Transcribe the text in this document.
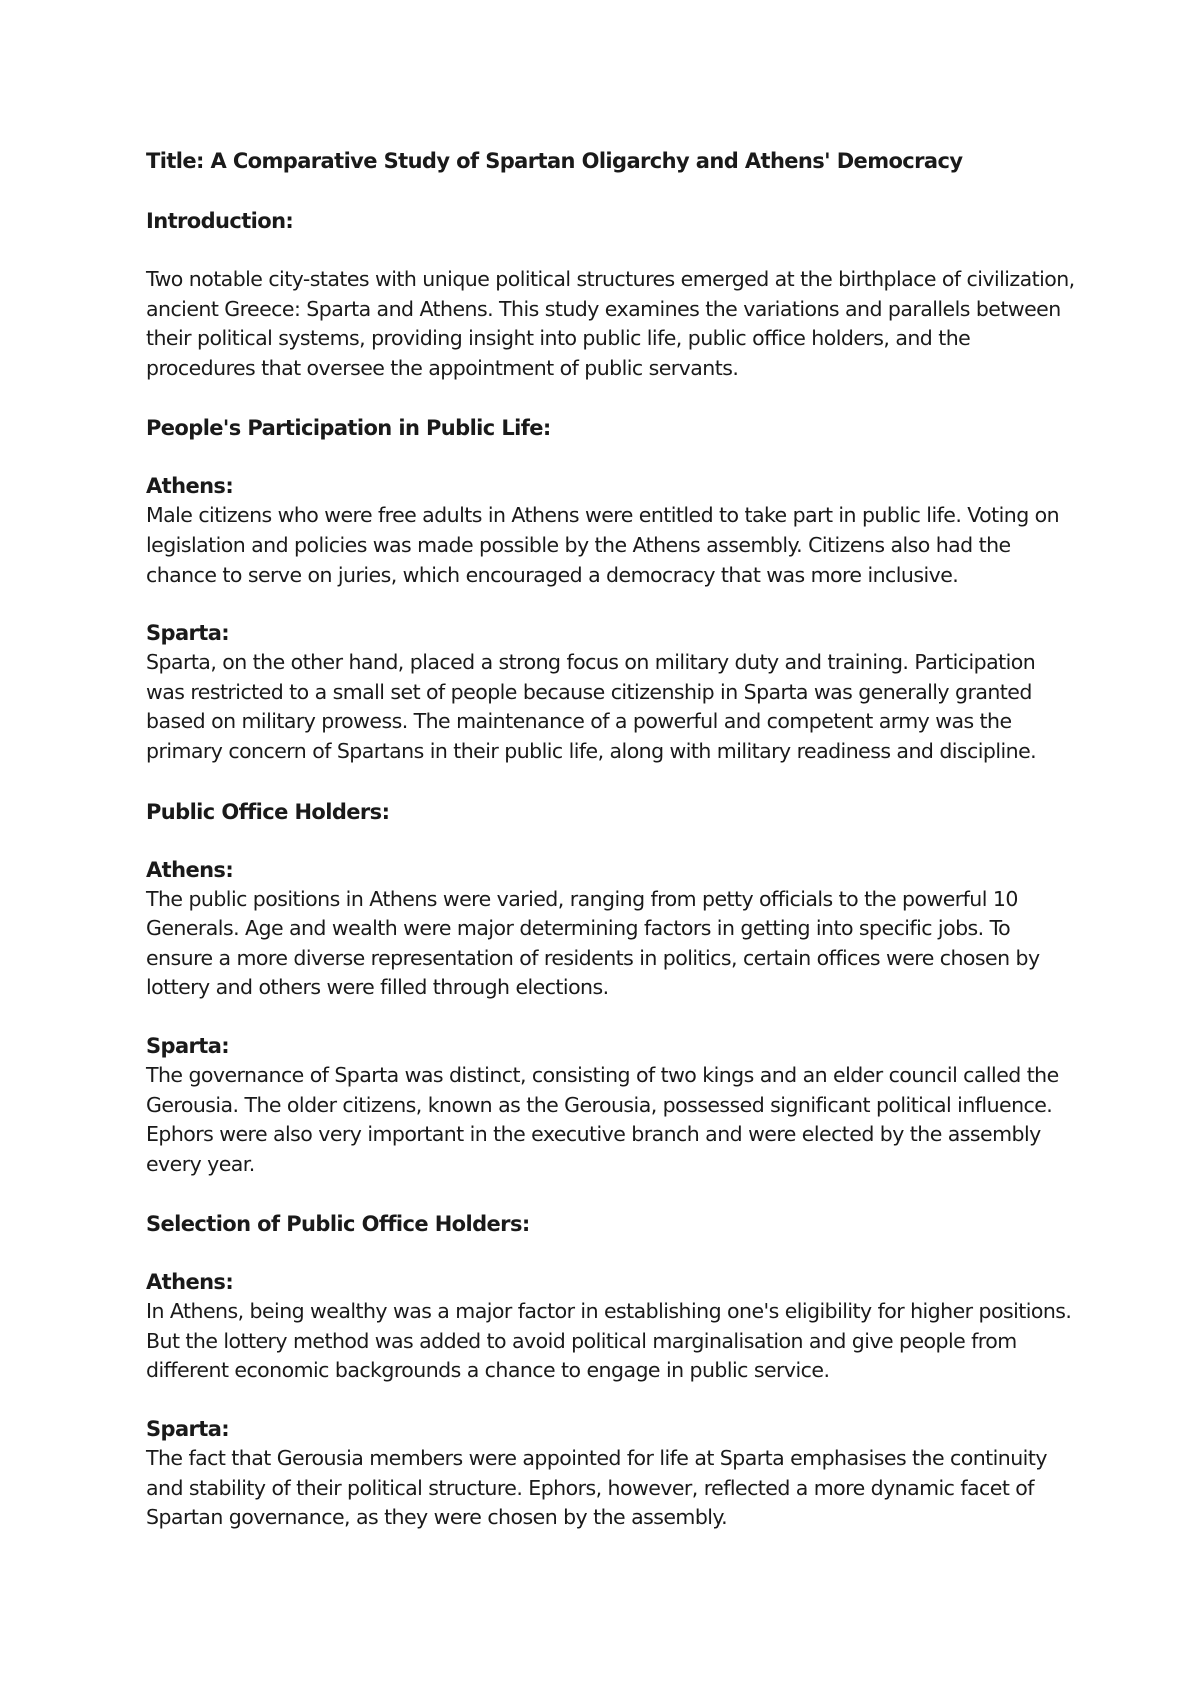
Title: A Comparative Study of Spartan Oligarchy and Athens' Democracy
Introduction:

Two notable city-states with unique political structures emerged at the birthplace of civilization, ancient Greece: Sparta and Athens. This study examines the variations and parallels between their political systems, providing insight into public life, public office holders, and the procedures that oversee the appointment of public servants.

People's Participation in Public Life:
Athens:

Male citizens who were free adults in Athens were entitled to take part in public life. Voting on legislation and policies was made possible by the Athens assembly. Citizens also had the chance to serve on juries, which encouraged a democracy that was more inclusive.

Sparta:

Sparta, on the other hand, placed a strong focus on military duty and training. Participation was restricted to a small set of people because citizenship in Sparta was generally granted based on military prowess. The maintenance of a powerful and competent army was the primary concern of Spartans in their public life, along with military readiness and discipline.

Public Office Holders:
Athens:

The public positions in Athens were varied, ranging from petty officials to the powerful 10 Generals. Age and wealth were major determining factors in getting into specific jobs. To ensure a more diverse representation of residents in politics, certain offices were chosen by lottery and others were filled through elections.

Sparta:

The governance of Sparta was distinct, consisting of two kings and an elder council called the Gerousia. The older citizens, known as the Gerousia, possessed significant political influence. Ephors were also very important in the executive branch and were elected by the assembly every year.

Selection of Public Office Holders:
Athens:

In Athens, being wealthy was a major factor in establishing one's eligibility for higher positions. But the lottery method was added to avoid political marginalisation and give people from different economic backgrounds a chance to engage in public service.

Sparta:

The fact that Gerousia members were appointed for life at Sparta emphasises the continuity and stability of their political structure. Ephors, however, reflected a more dynamic facet of Spartan governance, as they were chosen by the assembly.
